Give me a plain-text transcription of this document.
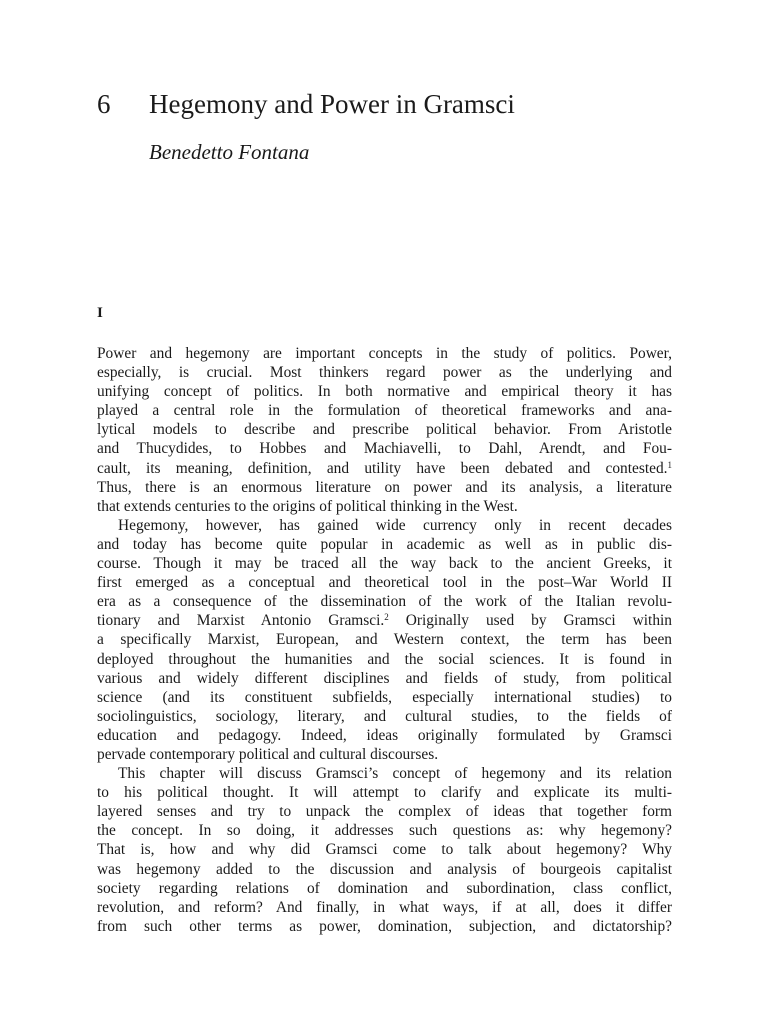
6 Hegemony and Power in Gramsci
Benedetto Fontana
I
Power and hegemony are important concepts in the study of politics. Power,
especially, is crucial. Most thinkers regard power as the underlying and
unifying concept of politics. In both normative and empirical theory it has
played a central role in the formulation of theoretical frameworks and ana-
lytical models to describe and prescribe political behavior. From Aristotle
and Thucydides, to Hobbes and Machiavelli, to Dahl, Arendt, and Fou-
cault, its meaning, definition, and utility have been debated and contested.$^1$
Thus, there is an enormous literature on power and its analysis, a literature
that extends centuries to the origins of political thinking in the West.
Hegemony, however, has gained wide currency only in recent decades
and today has become quite popular in academic as well as in public dis-
course. Though it may be traced all the way back to the ancient Greeks, it
first emerged as a conceptual and theoretical tool in the post–War World II
era as a consequence of the dissemination of the work of the Italian revolu-
tionary and Marxist Antonio Gramsci.$^2$ Originally used by Gramsci within
a specifically Marxist, European, and Western context, the term has been
deployed throughout the humanities and the social sciences. It is found in
various and widely different disciplines and fields of study, from political
science (and its constituent subfields, especially international studies) to
sociolinguistics, sociology, literary, and cultural studies, to the fields of
education and pedagogy. Indeed, ideas originally formulated by Gramsci
pervade contemporary political and cultural discourses.
This chapter will discuss Gramsci’s concept of hegemony and its relation
to his political thought. It will attempt to clarify and explicate its multi-
layered senses and try to unpack the complex of ideas that together form
the concept. In so doing, it addresses such questions as: why hegemony?
That is, how and why did Gramsci come to talk about hegemony? Why
was hegemony added to the discussion and analysis of bourgeois capitalist
society regarding relations of domination and subordination, class conflict,
revolution, and reform? And finally, in what ways, if at all, does it differ
from such other terms as power, domination, subjection, and dictatorship?
